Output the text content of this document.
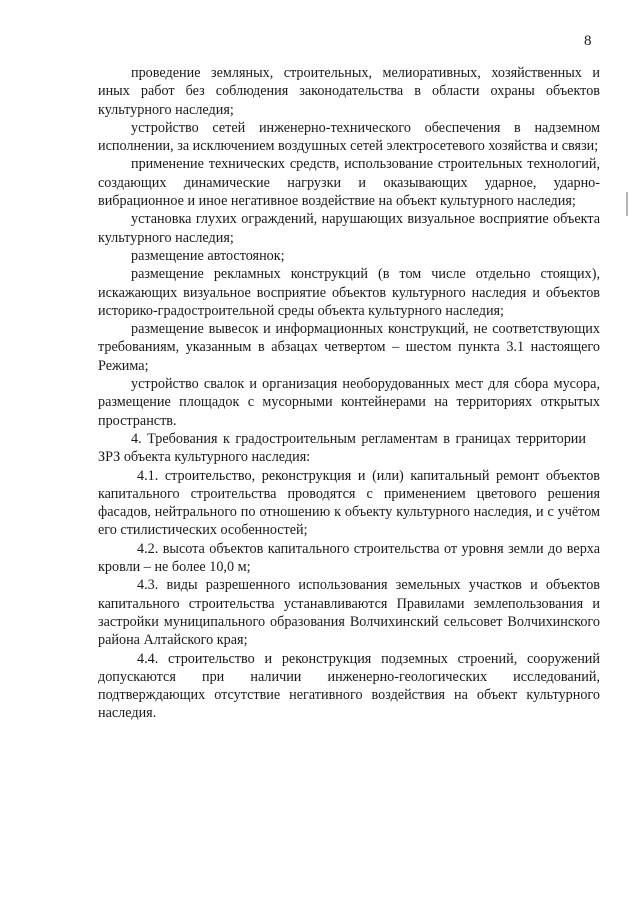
8

проведение земляных, строительных, мелиоративных, хозяйственных и иных работ без соблюдения законодательства в области охраны объектов культурного наследия;

устройство сетей инженерно-технического обеспечения в надземном исполнении, за исключением воздушных сетей электросетевого хозяйства и связи;

применение технических средств, использование строительных технологий, создающих динамические нагрузки и оказывающих ударное, ударно-вибрационное и иное негативное воздействие на объект культурного наследия;

установка глухих ограждений, нарушающих визуальное восприятие объекта культурного наследия;

размещение автостоянок;

размещение рекламных конструкций (в том числе отдельно стоящих), искажающих визуальное восприятие объектов культурного наследия и объектов историко-градостроительной среды объекта культурного наследия;

размещение вывесок и информационных конструкций, не соответствующих требованиям, указанным в абзацах четвертом – шестом пункта 3.1 настоящего Режима;

устройство свалок и организация необорудованных мест для сбора мусора, размещение площадок с мусорными контейнерами на территориях открытых пространств.

4. Требования к градостроительным регламентам в границах территории ЗРЗ объекта культурного наследия:

4.1. строительство, реконструкция и (или) капитальный ремонт объектов капитального строительства проводятся с применением цветового решения фасадов, нейтрального по отношению к объекту культурного наследия, и с учётом его стилистических особенностей;

4.2. высота объектов капитального строительства от уровня земли до верха кровли – не более 10,0 м;

4.3. виды разрешенного использования земельных участков и объектов капитального строительства устанавливаются Правилами землепользования и застройки муниципального образования Волчихинский сельсовет Волчихинского района Алтайского края;

4.4. строительство и реконструкция подземных строений, сооружений допускаются при наличии инженерно-геологических исследований, подтверждающих отсутствие негативного воздействия на объект культурного наследия.
